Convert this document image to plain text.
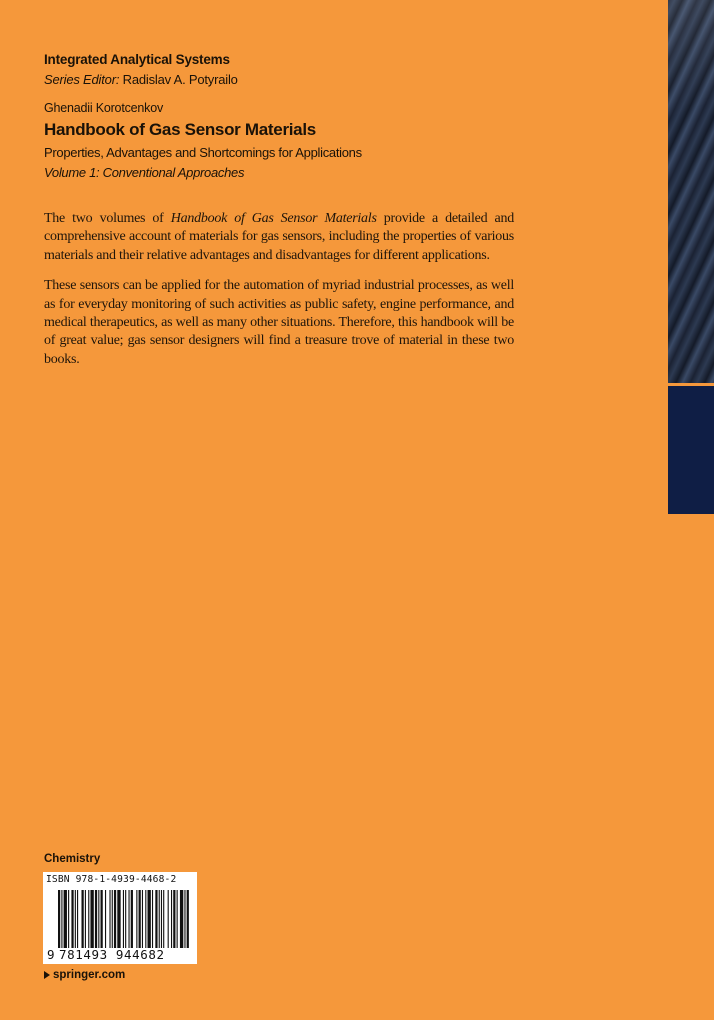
Integrated Analytical Systems
Series Editor: Radislav A. Potyrailo
Ghenadii Korotcenkov
Handbook of Gas Sensor Materials
Properties, Advantages and Shortcomings for Applications
Volume 1: Conventional Approaches

The two volumes of Handbook of Gas Sensor Materials provide a detailed and comprehensive account of materials for gas sensors, including the properties of various materials and their relative advantages and disadvantages for different applications.

These sensors can be applied for the automation of myriad industrial processes, as well as for everyday monitoring of such activities as public safety, engine performance, and medical therapeutics, as well as many other situations. Therefore, this handbook will be of great value; gas sensor designers will find a treasure trove of material in these two books.

Chemistry
ISBN 978-1-4939-4468-2
9 781493 944682
springer.com
